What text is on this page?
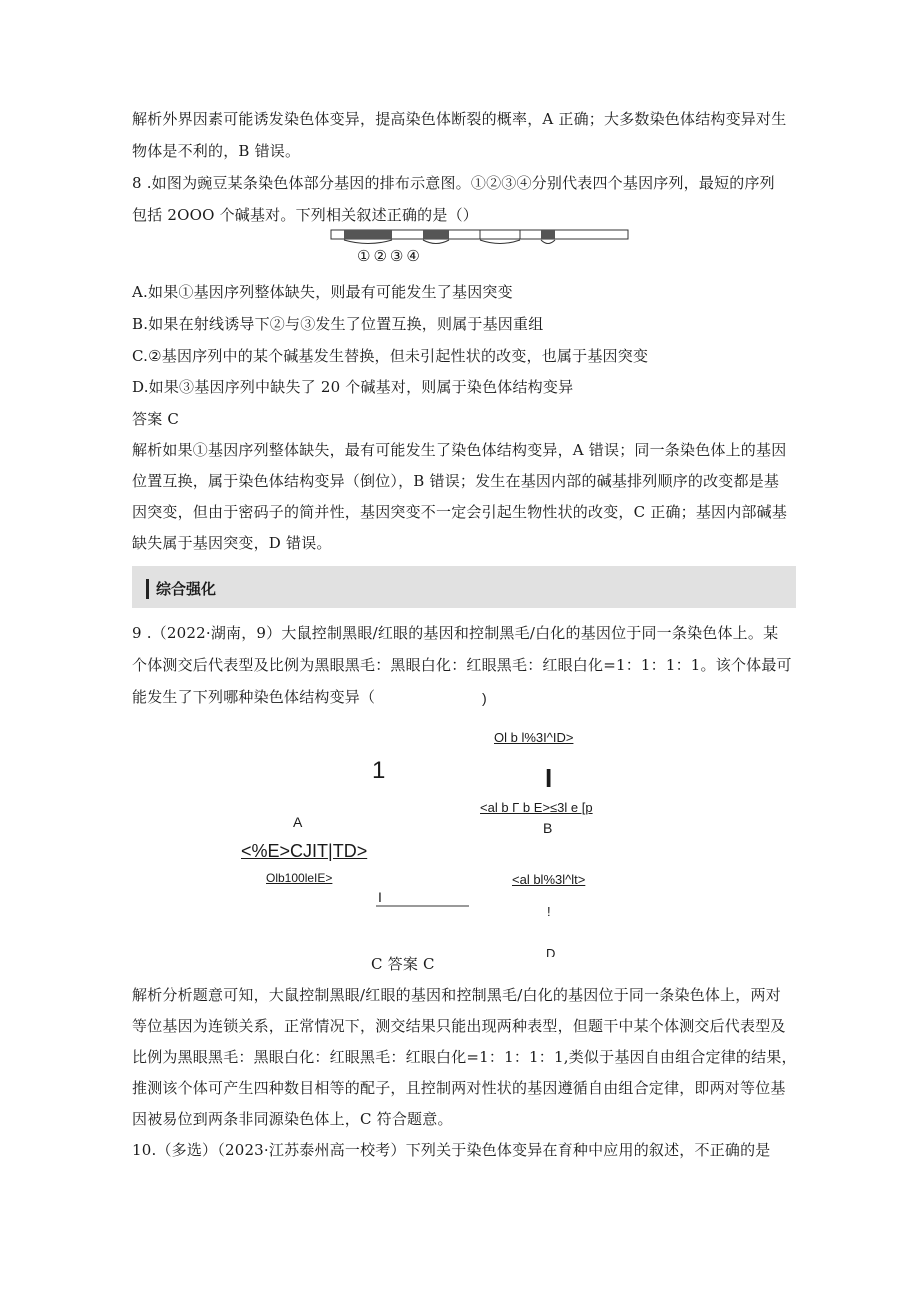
解析外界因素可能诱发染色体变异，提高染色体断裂的概率，A 正确；大多数染色体结构变异对生
物体是不利的，B 错误。
8 .如图为豌豆某条染色体部分基因的排布示意图。①②③④分别代表四个基因序列，最短的序列
包括 2OOO 个碱基对。下列相关叙述正确的是（）
①②③④
A.如果①基因序列整体缺失，则最有可能发生了基因突变
B.如果在射线诱导下②与③发生了位置互换，则属于基因重组
C.②基因序列中的某个碱基发生替换，但未引起性状的改变，也属于基因突变
D.如果③基因序列中缺失了 20 个碱基对，则属于染色体结构变异
答案 C
解析如果①基因序列整体缺失，最有可能发生了染色体结构变异，A 错误；同一条染色体上的基因
位置互换，属于染色体结构变异（倒位），B 错误；发生在基因内部的碱基排列顺序的改变都是基
因突变，但由于密码子的简并性，基因突变不一定会引起生物性状的改变，C 正确；基因内部碱基
缺失属于基因突变，D 错误。
综合强化
9 .（2022·湖南，9）大鼠控制黑眼/红眼的基因和控制黑毛/白化的基因位于同一条染色体上。某
个体测交后代表型及比例为黑眼黑毛：黑眼白化：红眼黑毛：红眼白化=1：1：1：1。该个体最可
能发生了下列哪种染色体结构变异（	)
Ol b l%3I^ID>
1	I
<al b Γ b E>≤3l e [p
A	B
<%E>CJIT|TD>
Olb100leIE>	<al bl%3l^lt>
I
!
D
C 答案 C
解析分析题意可知，大鼠控制黑眼/红眼的基因和控制黑毛/白化的基因位于同一条染色体上，两对
等位基因为连锁关系，正常情况下，测交结果只能出现两种表型，但题干中某个体测交后代表型及
比例为黑眼黑毛：黑眼白化：红眼黑毛：红眼白化=1：1：1：1,类似于基因自由组合定律的结果，
推测该个体可产生四种数目相等的配子，且控制两对性状的基因遵循自由组合定律，即两对等位基
因被易位到两条非同源染色体上，C 符合题意。
10.（多选）（2023·江苏泰州高一校考）下列关于染色体变异在育种中应用的叙述，不正确的是
